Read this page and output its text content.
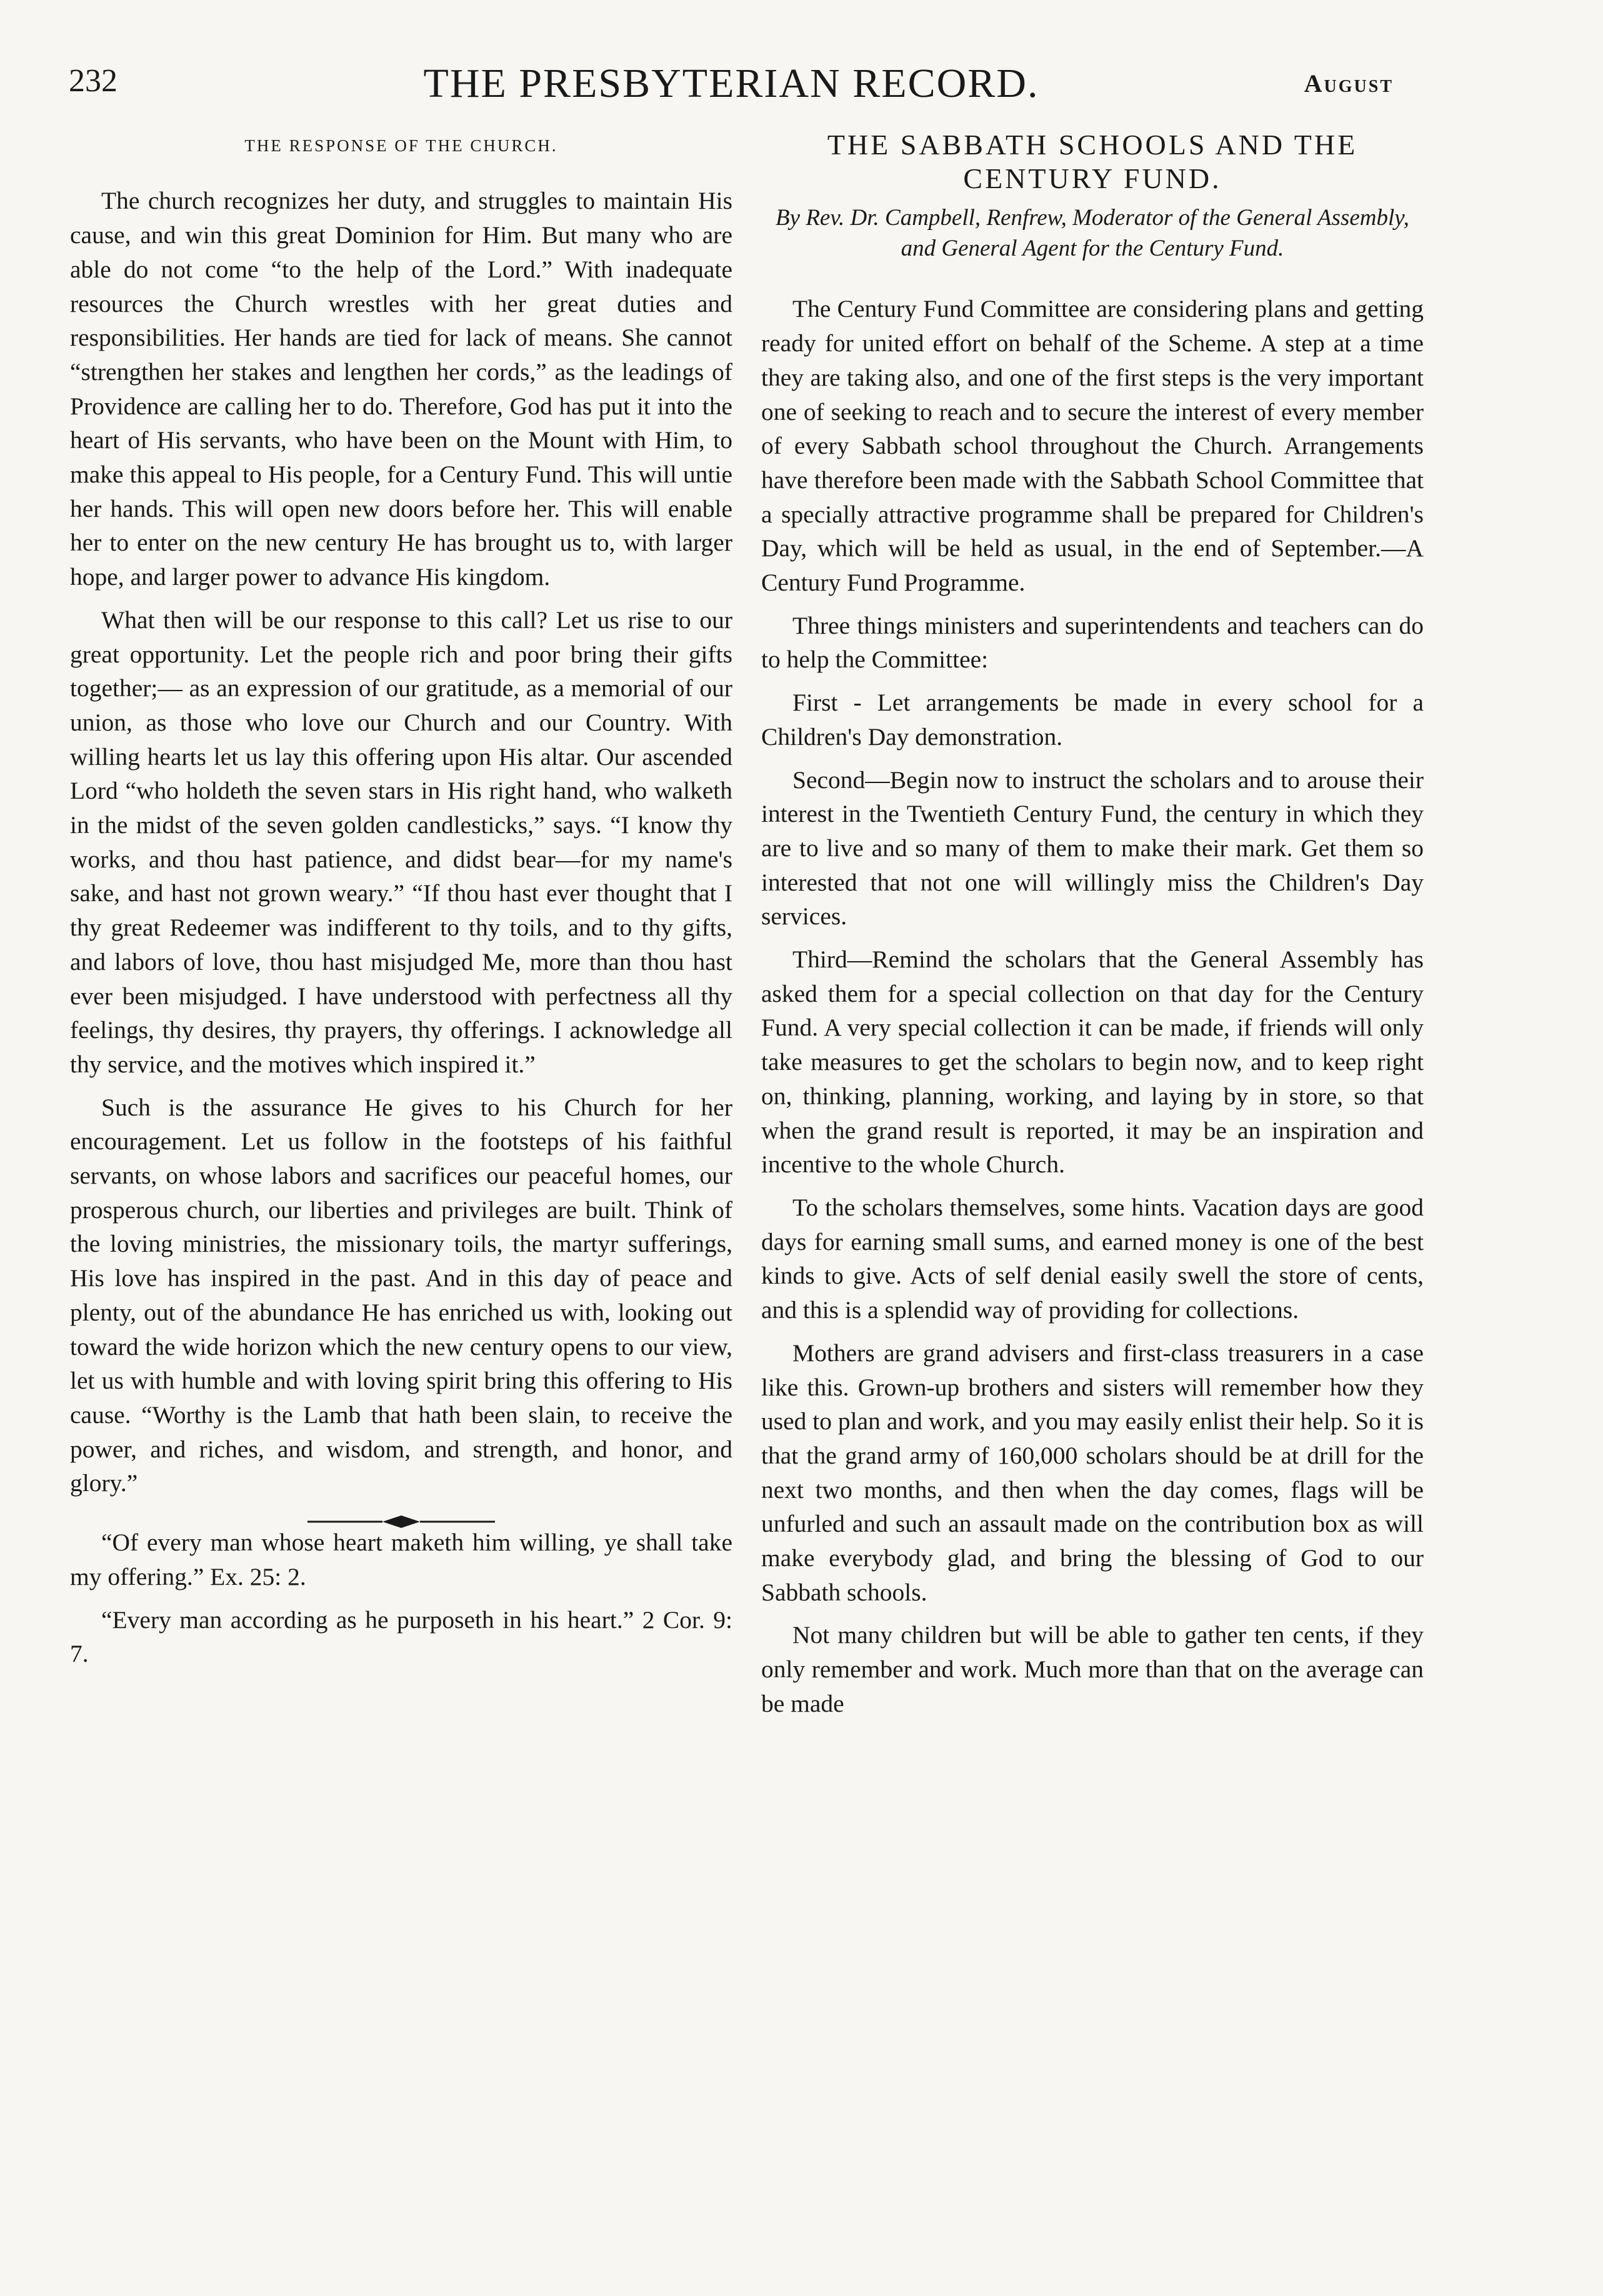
232	THE PRESBYTERIAN RECORD.	August
THE RESPONSE OF THE CHURCH.

The church recognizes her duty, and struggles to maintain His cause, and win this great Dominion for Him. But many who are able do not come “to the help of the Lord.” With inadequate resources the Church wrestles with her great duties and responsibilities. Her hands are tied for lack of means. She cannot “strengthen her stakes and lengthen her cords,” as the leadings of Providence are calling her to do. Therefore, God has put it into the heart of His servants, who have been on the Mount with Him, to make this appeal to His people, for a Century Fund. This will untie her hands. This will open new doors before her. This will enable her to enter on the new century He has brought us to, with larger hope, and larger power to advance His kingdom.

What then will be our response to this call? Let us rise to our great opportunity. Let the people rich and poor bring their gifts together;— as an expression of our gratitude, as a memorial of our union, as those who love our Church and our Country. With willing hearts let us lay this offering upon His altar. Our ascended Lord “who holdeth the seven stars in His right hand, who walketh in the midst of the seven golden candlesticks,” says. “I know thy works, and thou hast patience, and didst bear—for my name's sake, and hast not grown weary.” “If thou hast ever thought that I thy great Redeemer was indifferent to thy toils, and to thy gifts, and labors of love, thou hast misjudged Me, more than thou hast ever been misjudged. I have understood with perfectness all thy feelings, thy desires, thy prayers, thy offerings. I acknowledge all thy service, and the motives which inspired it.”

Such is the assurance He gives to his Church for her encouragement. Let us follow in the footsteps of his faithful servants, on whose labors and sacrifices our peaceful homes, our prosperous church, our liberties and privileges are built. Think of the loving ministries, the missionary toils, the martyr sufferings, His love has inspired in the past. And in this day of peace and plenty, out of the abundance He has enriched us with, looking out toward the wide horizon which the new century opens to our view, let us with humble and with loving spirit bring this offering to His cause. “Worthy is the Lamb that hath been slain, to receive the power, and riches, and wisdom, and strength, and honor, and glory.”

“Of every man whose heart maketh him willing, ye shall take my offering.” Ex. 25: 2.

“Every man according as he purposeth in his heart.” 2 Cor. 9: 7.

THE SABBATH SCHOOLS AND THE CENTURY FUND.
By Rev. Dr. Campbell, Renfrew, Moderator of the General Assembly, and General Agent for the Century Fund.

The Century Fund Committee are considering plans and getting ready for united effort on behalf of the Scheme. A step at a time they are taking also, and one of the first steps is the very important one of seeking to reach and to secure the interest of every member of every Sabbath school throughout the Church. Arrangements have therefore been made with the Sabbath School Committee that a specially attractive programme shall be prepared for Children's Day, which will be held as usual, in the end of September.—A Century Fund Programme.

Three things ministers and superintendents and teachers can do to help the Committee:

First - Let arrangements be made in every school for a Children's Day demonstration.

Second—Begin now to instruct the scholars and to arouse their interest in the Twentieth Century Fund, the century in which they are to live and so many of them to make their mark. Get them so interested that not one will willingly miss the Children's Day services.

Third—Remind the scholars that the General Assembly has asked them for a special collection on that day for the Century Fund. A very special collection it can be made, if friends will only take measures to get the scholars to begin now, and to keep right on, thinking, planning, working, and laying by in store, so that when the grand result is reported, it may be an inspiration and incentive to the whole Church.

To the scholars themselves, some hints. Vacation days are good days for earning small sums, and earned money is one of the best kinds to give. Acts of self denial easily swell the store of cents, and this is a splendid way of providing for collections.

Mothers are grand advisers and first-class treasurers in a case like this. Grown-up brothers and sisters will remember how they used to plan and work, and you may easily enlist their help. So it is that the grand army of 160,000 scholars should be at drill for the next two months, and then when the day comes, flags will be unfurled and such an assault made on the contribution box as will make everybody glad, and bring the blessing of God to our Sabbath schools.

Not many children but will be able to gather ten cents, if they only remember and work. Much more than that on the average can be made
